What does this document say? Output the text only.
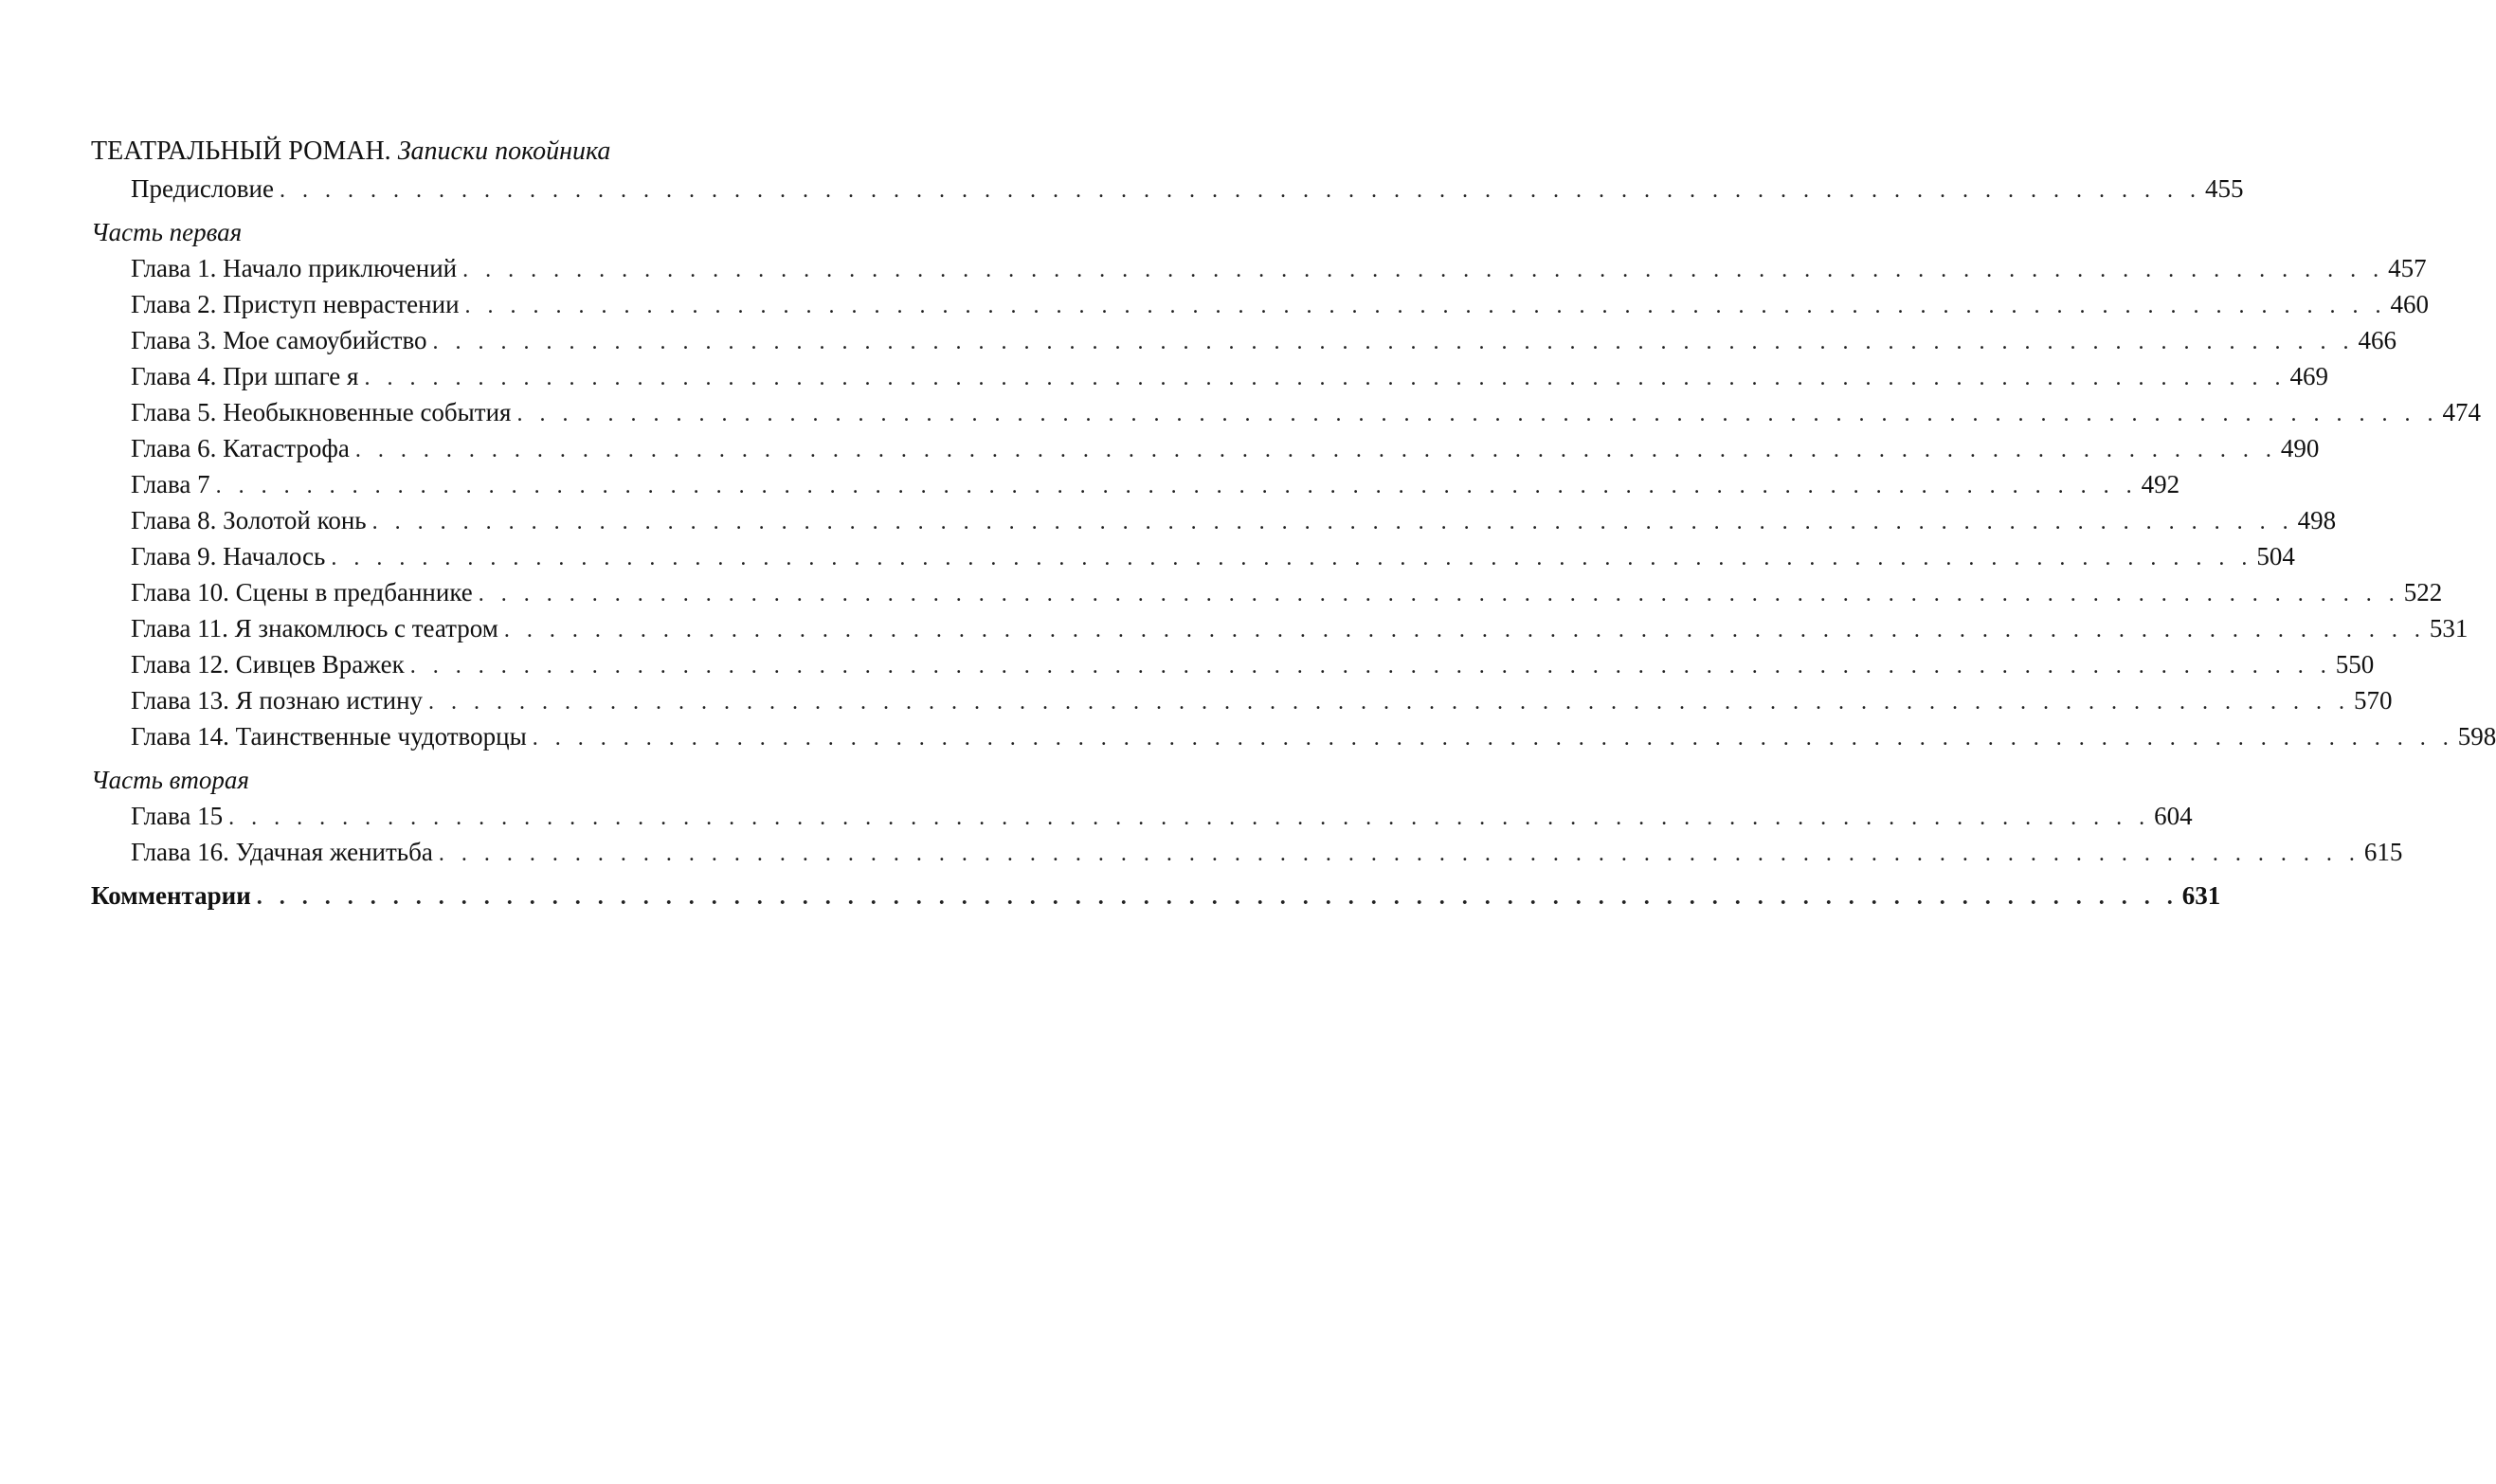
ТЕАТРАЛЬНЫЙ РОМАН. Записки покойника
Предисловие . . . . . . . . . . . . . . . . . . . . . . . . . . . . . . . . . . . . . . . . . . . . . . . . . . . . . . . . . . . . . . . . . . . . . . . . . . . . . . . . . . . . . 455
Часть первая
Глава 1. Начало приключений . . . . . . . . . . . . . . . . . . . . . . . . . . . . . . . . . . . . . . . . . . . . . . . . . . . . . . . . . . . . . . . . . . . . . . . . . . . . . . . . . . . . . 457
Глава 2. Приступ неврастении . . . . . . . . . . . . . . . . . . . . . . . . . . . . . . . . . . . . . . . . . . . . . . . . . . . . . . . . . . . . . . . . . . . . . . . . . . . . . . . . . . . . . 460
Глава 3. Мое самоубийство . . . . . . . . . . . . . . . . . . . . . . . . . . . . . . . . . . . . . . . . . . . . . . . . . . . . . . . . . . . . . . . . . . . . . . . . . . . . . . . . . . . . . 466
Глава 4. При шпаге я . . . . . . . . . . . . . . . . . . . . . . . . . . . . . . . . . . . . . . . . . . . . . . . . . . . . . . . . . . . . . . . . . . . . . . . . . . . . . . . . . . . . . 469
Глава 5. Необыкновенные события . . . . . . . . . . . . . . . . . . . . . . . . . . . . . . . . . . . . . . . . . . . . . . . . . . . . . . . . . . . . . . . . . . . . . . . . . . . . . . . . . . . . . 474
Глава 6. Катастрофа . . . . . . . . . . . . . . . . . . . . . . . . . . . . . . . . . . . . . . . . . . . . . . . . . . . . . . . . . . . . . . . . . . . . . . . . . . . . . . . . . . . . . 490
Глава 7 . . . . . . . . . . . . . . . . . . . . . . . . . . . . . . . . . . . . . . . . . . . . . . . . . . . . . . . . . . . . . . . . . . . . . . . . . . . . . . . . . . . . . 492
Глава 8. Золотой конь . . . . . . . . . . . . . . . . . . . . . . . . . . . . . . . . . . . . . . . . . . . . . . . . . . . . . . . . . . . . . . . . . . . . . . . . . . . . . . . . . . . . . 498
Глава 9. Началось . . . . . . . . . . . . . . . . . . . . . . . . . . . . . . . . . . . . . . . . . . . . . . . . . . . . . . . . . . . . . . . . . . . . . . . . . . . . . . . . . . . . . 504
Глава 10. Сцены в предбаннике . . . . . . . . . . . . . . . . . . . . . . . . . . . . . . . . . . . . . . . . . . . . . . . . . . . . . . . . . . . . . . . . . . . . . . . . . . . . . . . . . . . . . 522
Глава 11. Я знакомлюсь с театром . . . . . . . . . . . . . . . . . . . . . . . . . . . . . . . . . . . . . . . . . . . . . . . . . . . . . . . . . . . . . . . . . . . . . . . . . . . . . . . . . . . . . 531
Глава 12. Сивцев Вражек . . . . . . . . . . . . . . . . . . . . . . . . . . . . . . . . . . . . . . . . . . . . . . . . . . . . . . . . . . . . . . . . . . . . . . . . . . . . . . . . . . . . . 550
Глава 13. Я познаю истину . . . . . . . . . . . . . . . . . . . . . . . . . . . . . . . . . . . . . . . . . . . . . . . . . . . . . . . . . . . . . . . . . . . . . . . . . . . . . . . . . . . . . 570
Глава 14. Таинственные чудотворцы . . . . . . . . . . . . . . . . . . . . . . . . . . . . . . . . . . . . . . . . . . . . . . . . . . . . . . . . . . . . . . . . . . . . . . . . . . . . . . . . . . . . . 598
Часть вторая
Глава 15 . . . . . . . . . . . . . . . . . . . . . . . . . . . . . . . . . . . . . . . . . . . . . . . . . . . . . . . . . . . . . . . . . . . . . . . . . . . . . . . . . . . . . 604
Глава 16. Удачная женитьба . . . . . . . . . . . . . . . . . . . . . . . . . . . . . . . . . . . . . . . . . . . . . . . . . . . . . . . . . . . . . . . . . . . . . . . . . . . . . . . . . . . . . 615
Комментарии . . . . . . . . . . . . . . . . . . . . . . . . . . . . . . . . . . . . . . . . . . . . . . . . . . . . . . . . . . . . . . . . . . . . . . . . . . . . . . . . . . . . . 631
